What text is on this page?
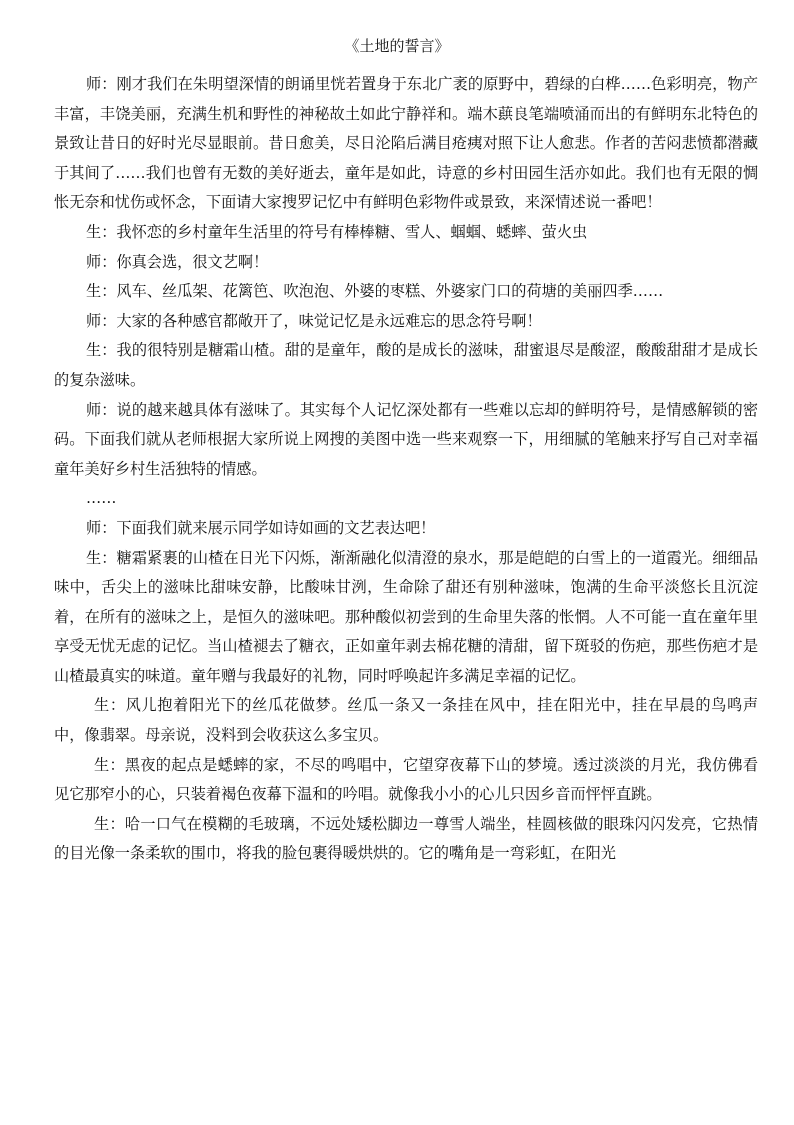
《土地的誓言》

师：刚才我们在朱明望深情的朗诵里恍若置身于东北广袤的原野中，碧绿的白桦……色彩明亮，物产丰富，丰饶美丽，充满生机和野性的神秘故土如此宁静祥和。端木蕻良笔端喷涌而出的有鲜明东北特色的景致让昔日的好时光尽显眼前。昔日愈美，尽日沦陷后满目疮痍对照下让人愈悲。作者的苦闷悲愤都潜藏于其间了……我们也曾有无数的美好逝去，童年是如此，诗意的乡村田园生活亦如此。我们也有无限的惆怅无奈和忧伤或怀念，下面请大家搜罗记忆中有鲜明色彩物件或景致，来深情述说一番吧！

生：我怀恋的乡村童年生活里的符号有棒棒糖、雪人、蝈蝈、蟋蟀、萤火虫

师：你真会选，很文艺啊！

生：风车、丝瓜架、花篱笆、吹泡泡、外婆的枣糕、外婆家门口的荷塘的美丽四季……

师：大家的各种感官都敞开了，味觉记忆是永远难忘的思念符号啊！

生：我的很特别是糖霜山楂。甜的是童年，酸的是成长的滋味，甜蜜退尽是酸涩，酸酸甜甜才是成长的复杂滋味。

师：说的越来越具体有滋味了。其实每个人记忆深处都有一些难以忘却的鲜明符号，是情感解锁的密码。下面我们就从老师根据大家所说上网搜的美图中选一些来观察一下，用细腻的笔触来抒写自己对幸福童年美好乡村生活独特的情感。

……

师：下面我们就来展示同学如诗如画的文艺表达吧！

生：糖霜紧裹的山楂在日光下闪烁，渐渐融化似清澄的泉水，那是皑皑的白雪上的一道霞光。细细品味中，舌尖上的滋味比甜味安静，比酸味甘洌，生命除了甜还有别种滋味，饱满的生命平淡悠长且沉淀着，在所有的滋味之上，是恒久的滋味吧。那种酸似初尝到的生命里失落的怅惘。人不可能一直在童年里享受无忧无虑的记忆。当山楂褪去了糖衣，正如童年剥去棉花糖的清甜，留下斑驳的伤疤，那些伤疤才是山楂最真实的味道。童年赠与我最好的礼物，同时呼唤起许多满足幸福的记忆。

生：风儿抱着阳光下的丝瓜花做梦。丝瓜一条又一条挂在风中，挂在阳光中，挂在早晨的鸟鸣声中，像翡翠。母亲说，没料到会收获这么多宝贝。

生：黑夜的起点是蟋蟀的家，不尽的鸣唱中，它望穿夜幕下山的梦境。透过淡淡的月光，我仿佛看见它那窄小的心，只装着褐色夜幕下温和的吟唱。就像我小小的心儿只因乡音而怦怦直跳。

生：哈一口气在模糊的毛玻璃，不远处矮松脚边一尊雪人端坐，桂圆核做的眼珠闪闪发亮，它热情的目光像一条柔软的围巾，将我的脸包裹得暖烘烘的。它的嘴角是一弯彩虹，在阳光
